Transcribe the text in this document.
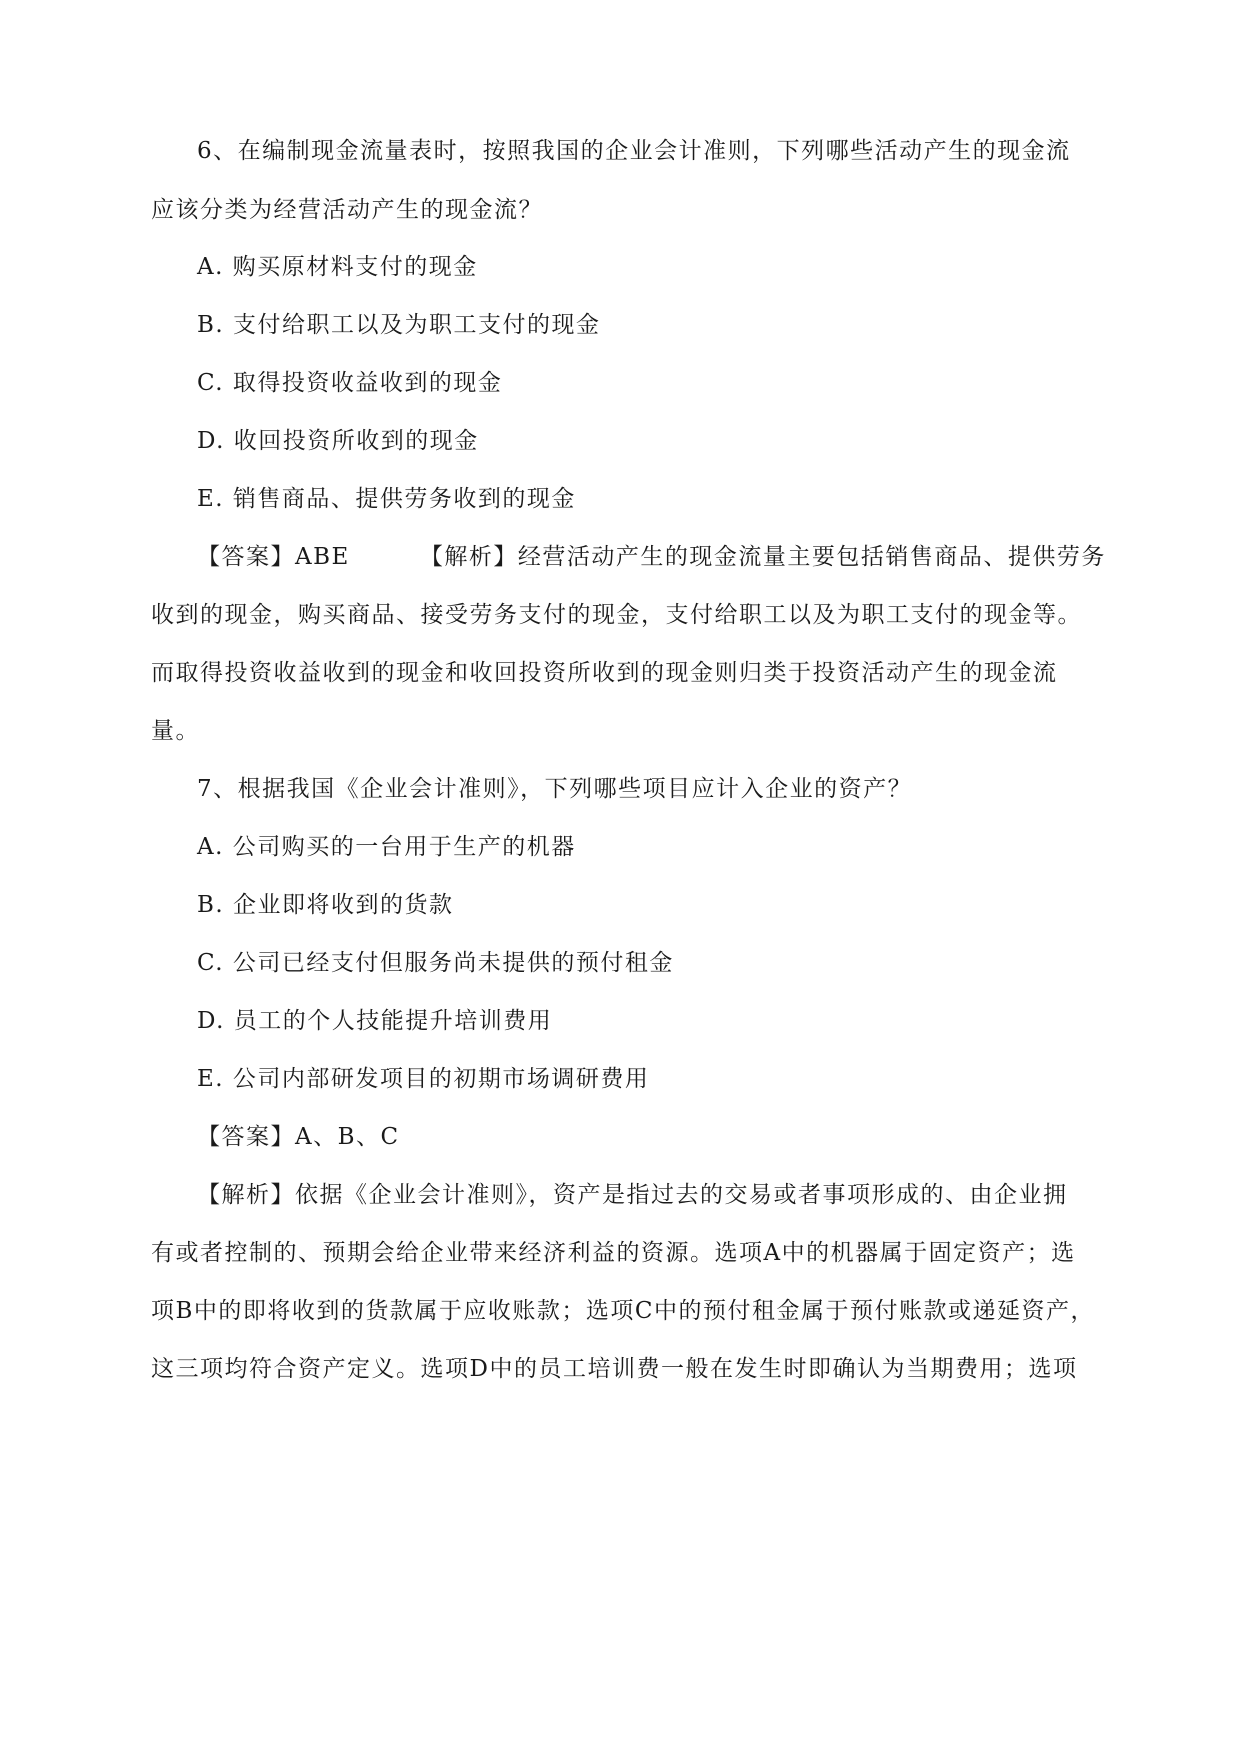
6、在编制现金流量表时，按照我国的企业会计准则，下列哪些活动产生的现金流
应该分类为经营活动产生的现金流？
A. 购买原材料支付的现金
B. 支付给职工以及为职工支付的现金
C. 取得投资收益收到的现金
D. 收回投资所收到的现金
E. 销售商品、提供劳务收到的现金
【答案】ABE	【解析】经营活动产生的现金流量主要包括销售商品、提供劳务
收到的现金，购买商品、接受劳务支付的现金，支付给职工以及为职工支付的现金等。
而取得投资收益收到的现金和收回投资所收到的现金则归类于投资活动产生的现金流
量。
7、根据我国《企业会计准则》，下列哪些项目应计入企业的资产？
A. 公司购买的一台用于生产的机器
B. 企业即将收到的货款
C. 公司已经支付但服务尚未提供的预付租金
D. 员工的个人技能提升培训费用
E. 公司内部研发项目的初期市场调研费用
【答案】A、B、C
【解析】依据《企业会计准则》，资产是指过去的交易或者事项形成的、由企业拥
有或者控制的、预期会给企业带来经济利益的资源。选项A中的机器属于固定资产；选
项B中的即将收到的货款属于应收账款；选项C中的预付租金属于预付账款或递延资产，
这三项均符合资产定义。选项D中的员工培训费一般在发生时即确认为当期费用；选项
